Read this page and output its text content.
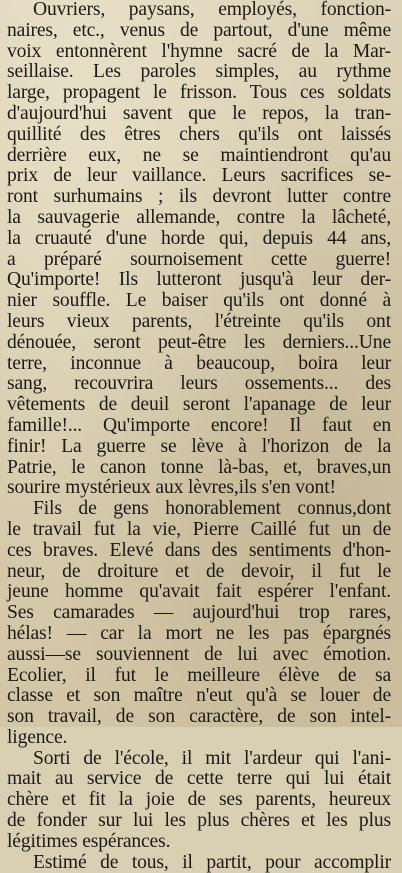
Ouvriers, paysans, employés, fonction-
naires, etc., venus de partout, d'une même
voix entonnèrent l'hymne sacré de la Mar-
seillaise. Les paroles simples, au rythme
large, propagent le frisson. Tous ces soldats
d'aujourd'hui savent que le repos, la tran-
quillité des êtres chers qu'ils ont laissés
derrière eux, ne se maintiendront qu'au
prix de leur vaillance. Leurs sacrifices se-
ront surhumains ; ils devront lutter contre
la sauvagerie allemande, contre la lâcheté,
la cruauté d'une horde qui, depuis 44 ans,
a préparé sournoisement cette guerre!
Qu'importe! Ils lutteront jusqu'à leur der-
nier souffle. Le baiser qu'ils ont donné à
leurs vieux parents, l'étreinte qu'ils ont
dénouée, seront peut-être les derniers...Une
terre, inconnue à beaucoup, boira leur
sang, recouvrira leurs ossements... des
vêtements de deuil seront l'apanage de leur
famille!... Qu'importe encore! Il faut en
finir! La guerre se lève à l'horizon de la
Patrie, le canon tonne là-bas, et, braves,un
sourire mystérieux aux lèvres,ils s'en vont!
Fils de gens honorablement connus,dont
le travail fut la vie, Pierre Caillé fut un de
ces braves. Elevé dans des sentiments d'hon-
neur, de droiture et de devoir, il fut le
jeune homme qu'avait fait espérer l'enfant.
Ses camarades — aujourd'hui trop rares,
hélas! — car la mort ne les pas épargnés
aussi—se souviennent de lui avec émotion.
Ecolier, il fut le meilleure élève de sa
classe et son maître n'eut qu'à se louer de
son travail, de son caractère, de son intel-
ligence.
Sorti de l'école, il mit l'ardeur qui l'ani-
mait au service de cette terre qui lui était
chère et fit la joie de ses parents, heureux
de fonder sur lui les plus chères et les plus
légitimes espérances.
Estimé de tous, il partit, pour accomplir
